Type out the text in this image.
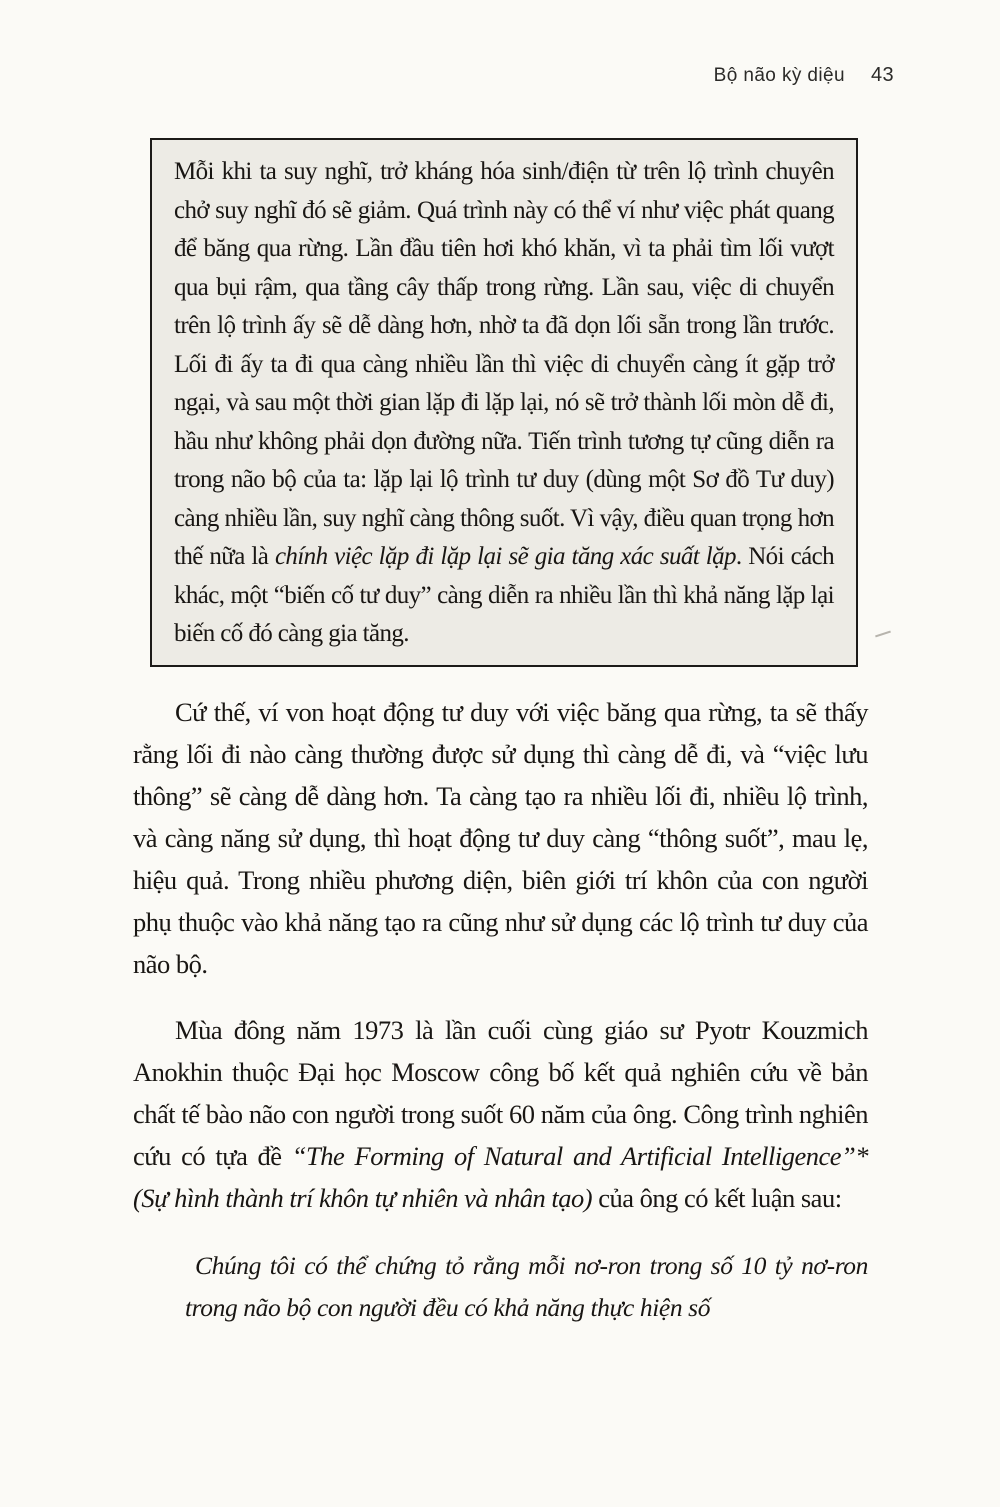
Bộ não kỳ diệu 43
Mỗi khi ta suy nghĩ, trở kháng hóa sinh/điện từ trên lộ trình chuyên chở suy nghĩ đó sẽ giảm. Quá trình này có thể ví như việc phát quang để băng qua rừng. Lần đầu tiên hơi khó khăn, vì ta phải tìm lối vượt qua bụi rậm, qua tầng cây thấp trong rừng. Lần sau, việc di chuyển trên lộ trình ấy sẽ dễ dàng hơn, nhờ ta đã dọn lối sẵn trong lần trước. Lối đi ấy ta đi qua càng nhiều lần thì việc di chuyển càng ít gặp trở ngại, và sau một thời gian lặp đi lặp lại, nó sẽ trở thành lối mòn dễ đi, hầu như không phải dọn đường nữa. Tiến trình tương tự cũng diễn ra trong não bộ của ta: lặp lại lộ trình tư duy (dùng một Sơ đồ Tư duy) càng nhiều lần, suy nghĩ càng thông suốt. Vì vậy, điều quan trọng hơn thế nữa là chính việc lặp đi lặp lại sẽ gia tăng xác suất lặp. Nói cách khác, một “biến cố tư duy” càng diễn ra nhiều lần thì khả năng lặp lại biến cố đó càng gia tăng.

Cứ thế, ví von hoạt động tư duy với việc băng qua rừng, ta sẽ thấy rằng lối đi nào càng thường được sử dụng thì càng dễ đi, và “việc lưu thông” sẽ càng dễ dàng hơn. Ta càng tạo ra nhiều lối đi, nhiều lộ trình, và càng năng sử dụng, thì hoạt động tư duy càng “thông suốt”, mau lẹ, hiệu quả. Trong nhiều phương diện, biên giới trí khôn của con người phụ thuộc vào khả năng tạo ra cũng như sử dụng các lộ trình tư duy của não bộ.

Mùa đông năm 1973 là lần cuối cùng giáo sư Pyotr Kouzmich Anokhin thuộc Đại học Moscow công bố kết quả nghiên cứu về bản chất tế bào não con người trong suốt 60 năm của ông. Công trình nghiên cứu có tựa đề “The Forming of Natural and Artificial Intelligence”* (Sự hình thành trí khôn tự nhiên và nhân tạo) của ông có kết luận sau:

Chúng tôi có thể chứng tỏ rằng mỗi nơ-ron trong số 10 tỷ nơ-ron trong não bộ con người đều có khả năng thực hiện số
